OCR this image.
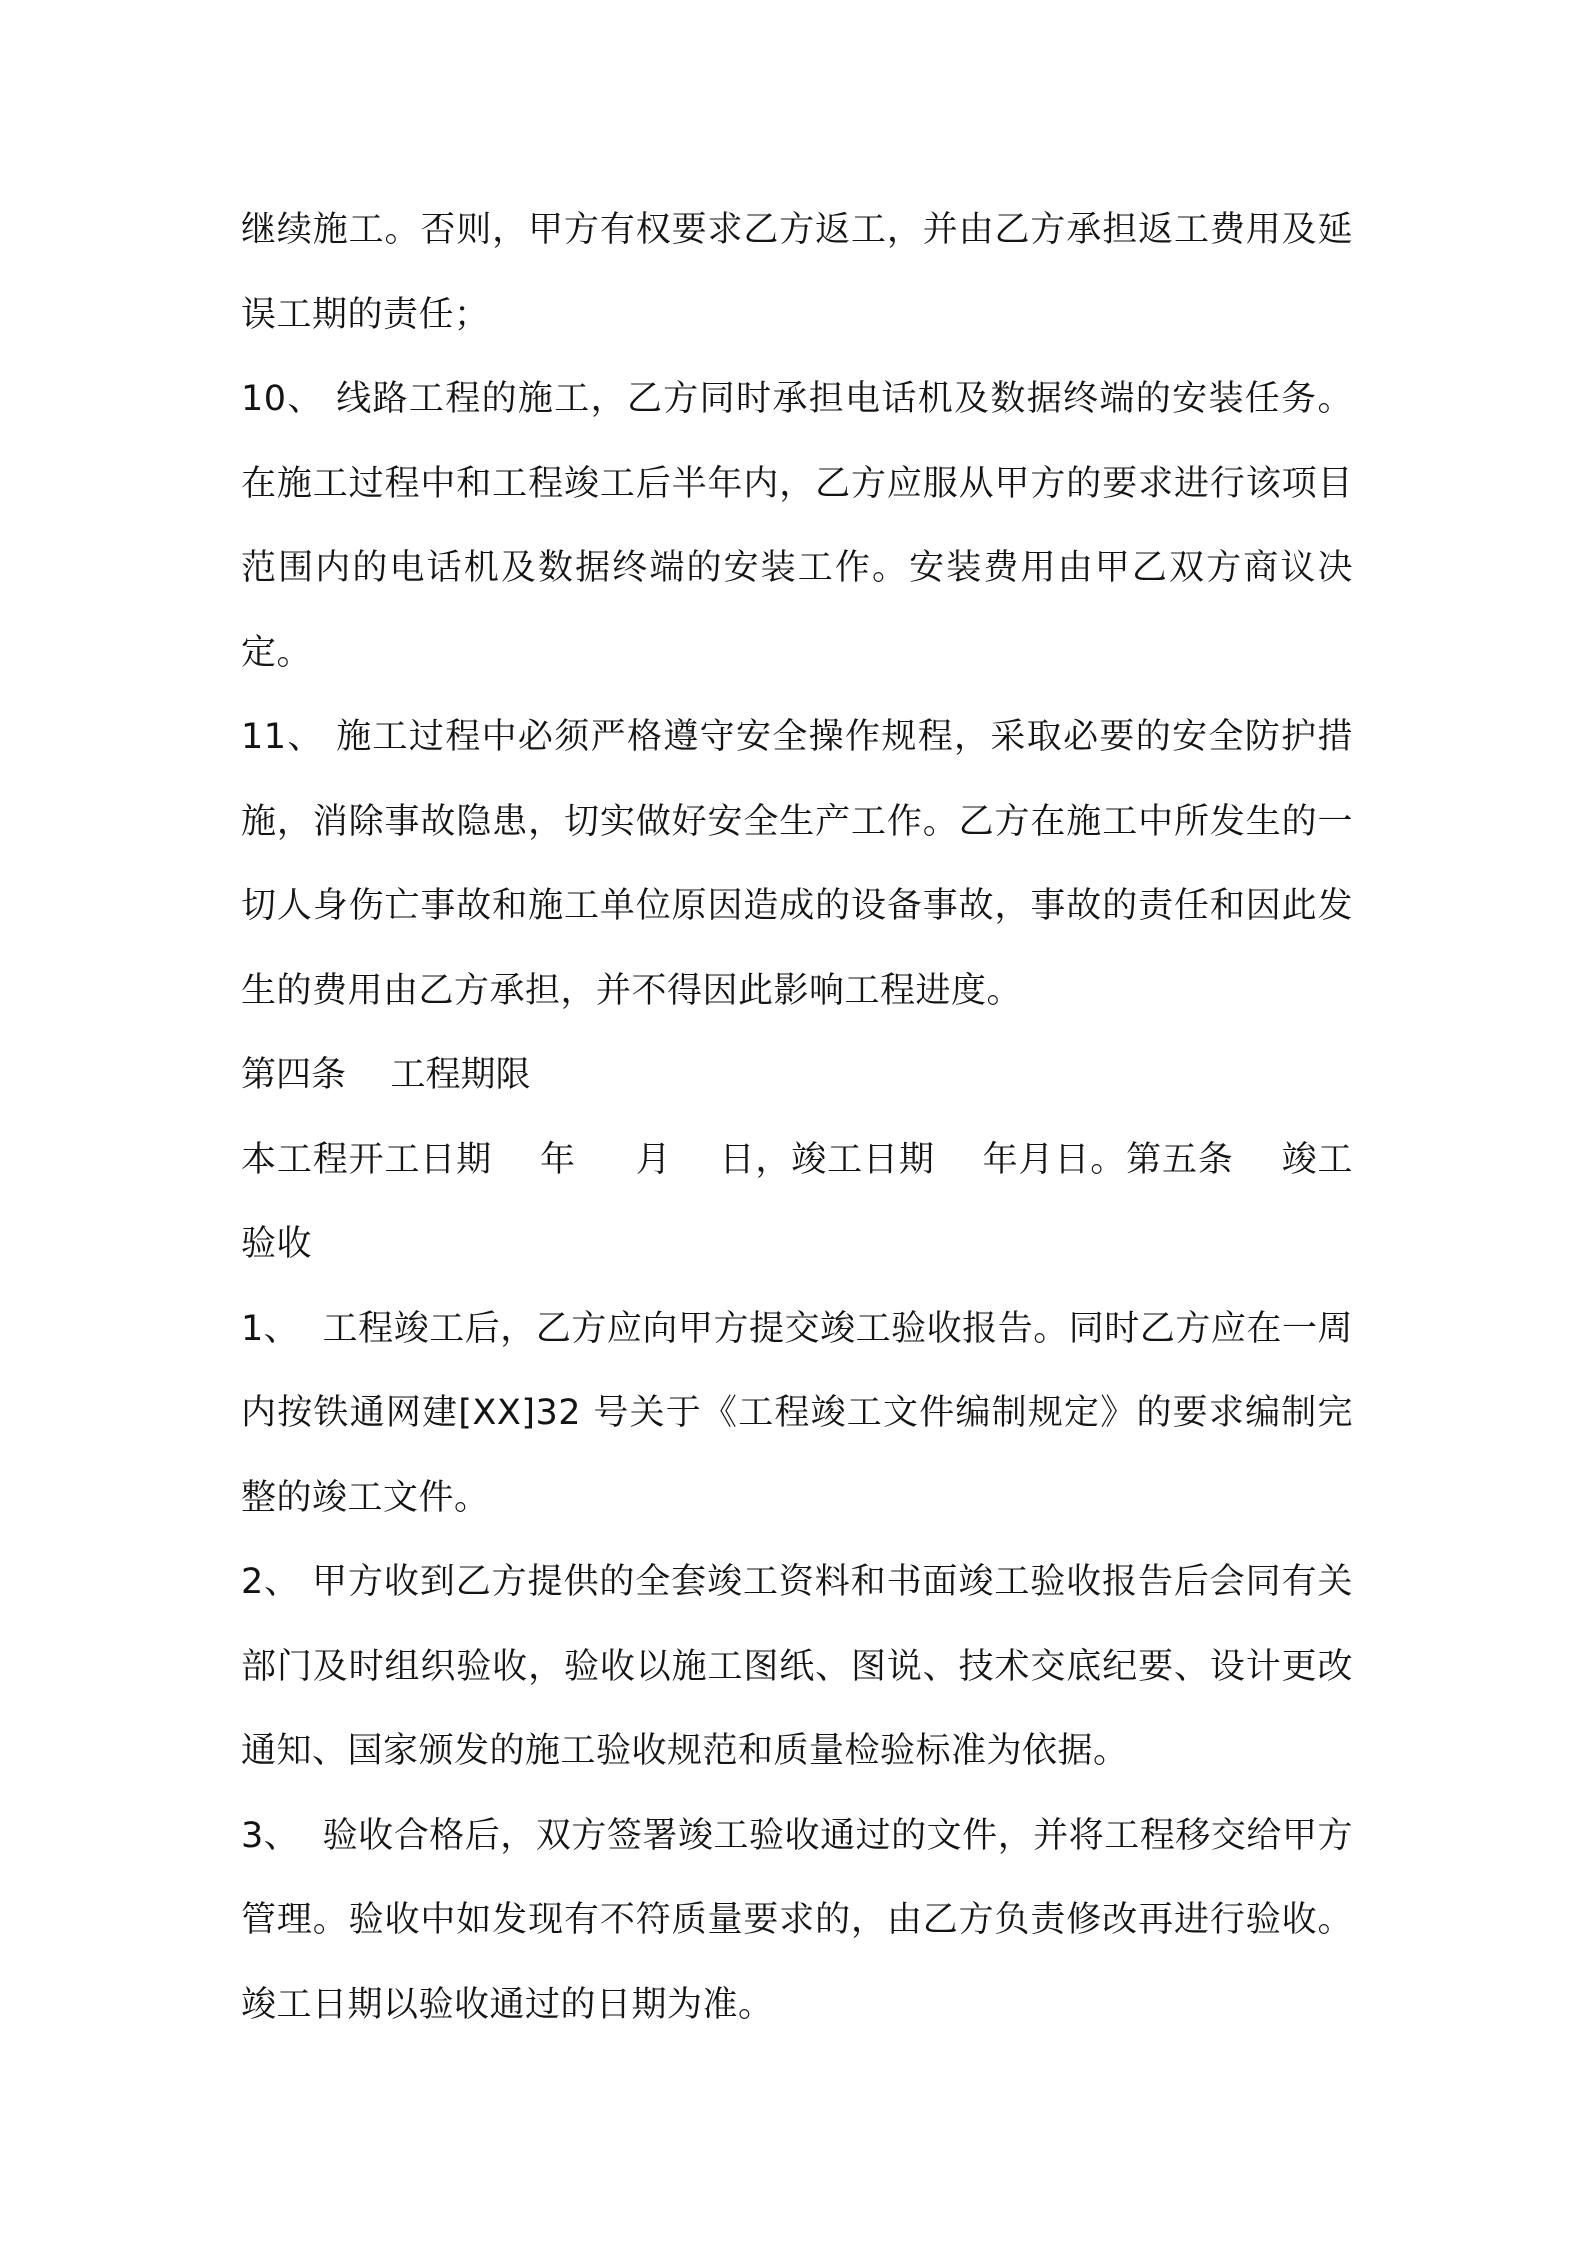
继续施工。否则，甲方有权要求乙方返工，并由乙方承担返工费用及延误工期的责任；

10、 线路工程的施工，乙方同时承担电话机及数据终端的安装任务。在施工过程中和工程竣工后半年内，乙方应服从甲方的要求进行该项目范围内的电话机及数据终端的安装工作。安装费用由甲乙双方商议决定。

11、 施工过程中必须严格遵守安全操作规程，采取必要的安全防护措施，消除事故隐患，切实做好安全生产工作。乙方在施工中所发生的一切人身伤亡事故和施工单位原因造成的设备事故，事故的责任和因此发生的费用由乙方承担，并不得因此影响工程进度。

第四条    工程期限

本工程开工日期    年     月    日，竣工日期    年月日。第五条    竣工验收

1、  工程竣工后，乙方应向甲方提交竣工验收报告。同时乙方应在一周内按铁通网建[XX]32 号关于《工程竣工文件编制规定》的要求编制完整的竣工文件。

2、 甲方收到乙方提供的全套竣工资料和书面竣工验收报告后会同有关部门及时组织验收，验收以施工图纸、图说、技术交底纪要、设计更改通知、国家颁发的施工验收规范和质量检验标准为依据。

3、  验收合格后，双方签署竣工验收通过的文件，并将工程移交给甲方管理。验收中如发现有不符质量要求的，由乙方负责修改再进行验收。竣工日期以验收通过的日期为准。
